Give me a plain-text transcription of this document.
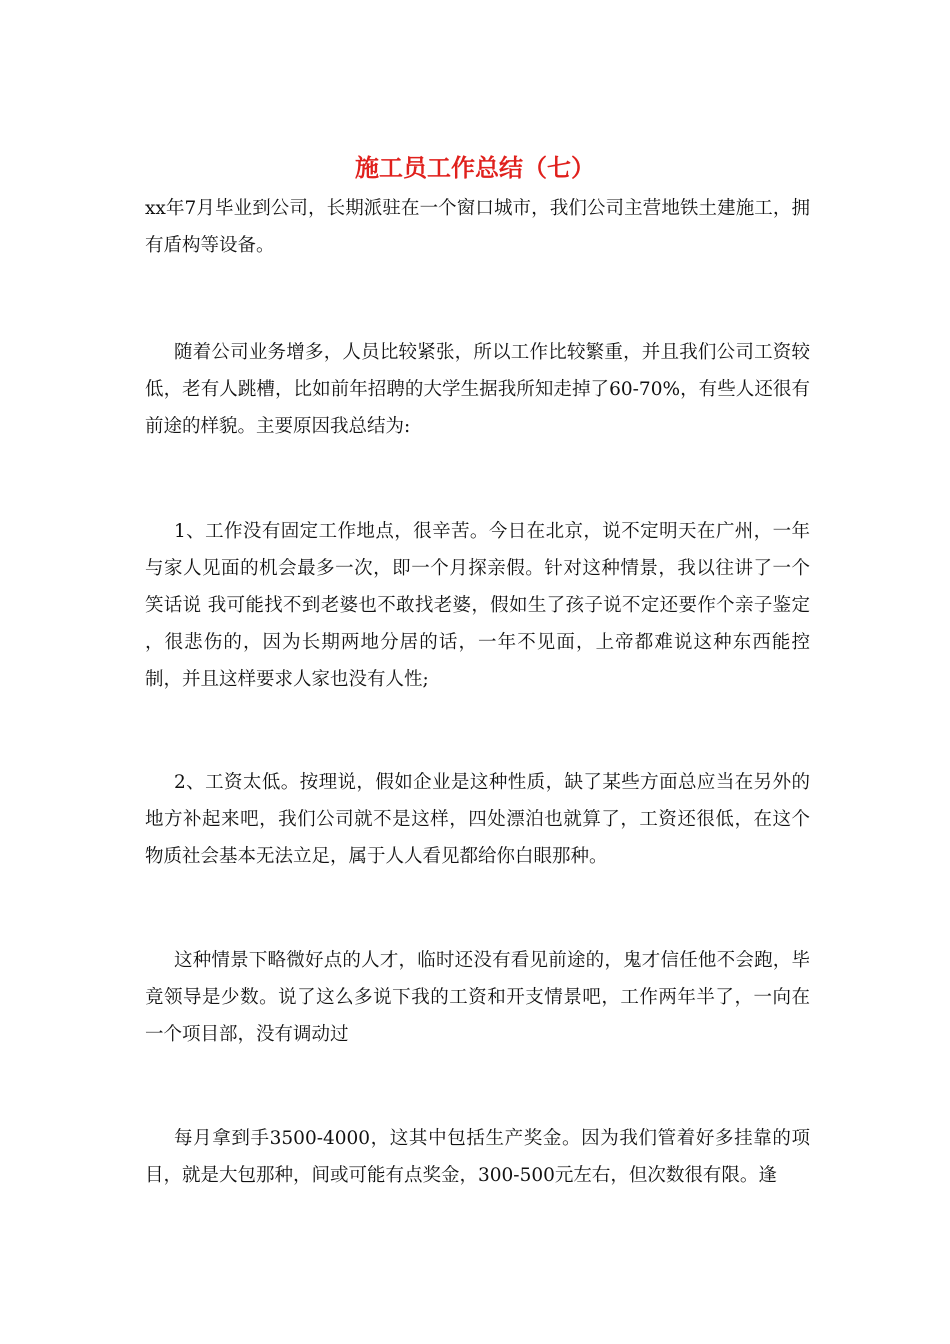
施工员工作总结（七）

xx年7月毕业到公司，长期派驻在一个窗口城市，我们公司主营地铁土建施工，拥有盾构等设备。

随着公司业务增多，人员比较紧张，所以工作比较繁重，并且我们公司工资较低，老有人跳槽，比如前年招聘的大学生据我所知走掉了60-70%，有些人还很有前途的样貌。主要原因我总结为:

1、工作没有固定工作地点，很辛苦。今日在北京，说不定明天在广州，一年与家人见面的机会最多一次，即一个月探亲假。针对这种情景，我以往讲了一个笑话说 我可能找不到老婆也不敢找老婆，假如生了孩子说不定还要作个亲子鉴定 ，很悲伤的，因为长期两地分居的话，一年不见面，上帝都难说这种东西能控制，并且这样要求人家也没有人性;

2、工资太低。按理说，假如企业是这种性质，缺了某些方面总应当在另外的地方补起来吧，我们公司就不是这样，四处漂泊也就算了，工资还很低，在这个物质社会基本无法立足，属于人人看见都给你白眼那种。

这种情景下略微好点的人才，临时还没有看见前途的，鬼才信任他不会跑，毕竟领导是少数。说了这么多说下我的工资和开支情景吧，工作两年半了，一向在一个项目部，没有调动过

每月拿到手3500-4000，这其中包括生产奖金。因为我们管着好多挂靠的项目，就是大包那种，间或可能有点奖金，300-500元左右，但次数很有限。逢
